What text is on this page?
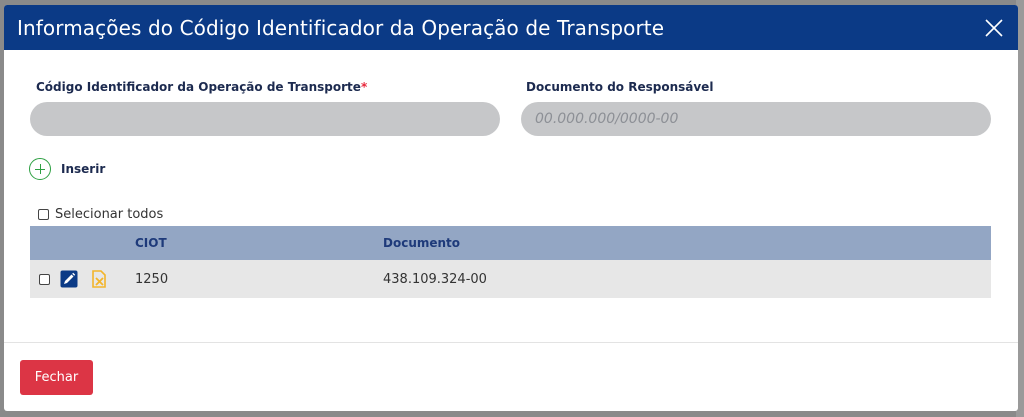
Informações do Código Identificador da Operação de Transporte
Código Identificador da Operação de Transporte*	Documento do Responsável
00.000.000/0000-00
Inserir
Selecionar todos
CIOT	Documento
1250	438.109.324-00
Fechar
